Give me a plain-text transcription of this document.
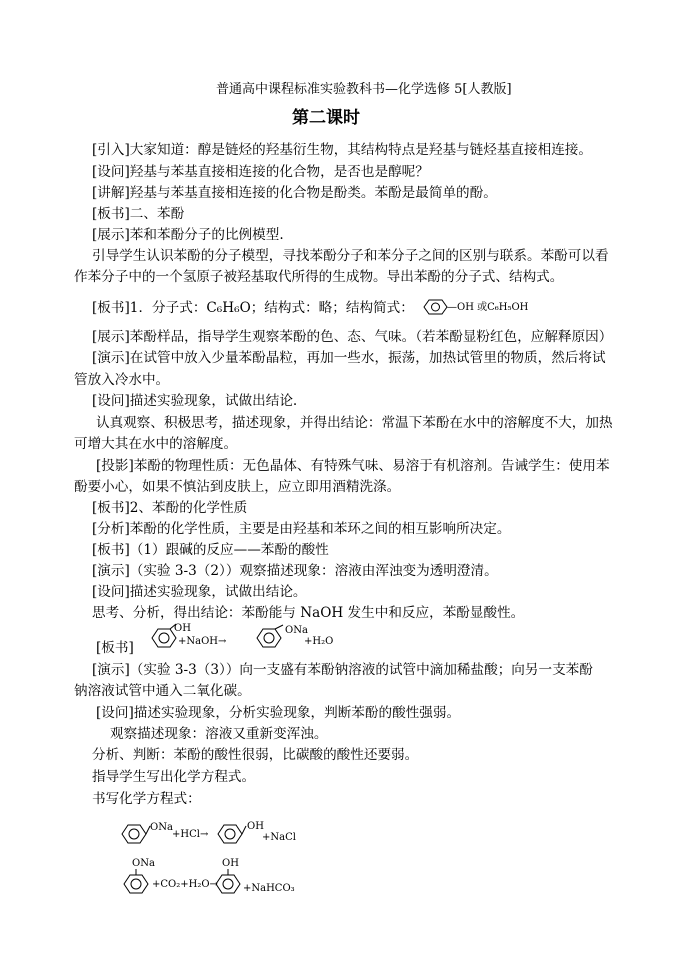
普通高中课程标准实验教科书—化学选修 5[人教版]
第二课时
[引入]大家知道：醇是链烃的羟基衍生物，其结构特点是羟基与链烃基直接相连接。
[设问]羟基与苯基直接相连接的化合物，是否也是醇呢？
[讲解]羟基与苯基直接相连接的化合物是酚类。苯酚是最简单的酚。
[板书]二、苯酚
[展示]苯和苯酚分子的比例模型.
引导学生认识苯酚的分子模型，寻找苯酚分子和苯分子之间的区别与联系。苯酚可以看
作苯分子中的一个氢原子被羟基取代所得的生成物。导出苯酚的分子式、结构式。
[板书]1．分子式：C₆H₆O；结构式：略；结构简式：	—OH 或C₆H₅OH
[展示]苯酚样品，指导学生观察苯酚的色、态、气味。（若苯酚显粉红色，应解释原因）
[演示]在试管中放入少量苯酚晶粒，再加一些水，振荡，加热试管里的物质，然后将试
管放入冷水中。
[设问]描述实验现象，试做出结论.
认真观察、积极思考，描述现象，并得出结论：常温下苯酚在水中的溶解度不大，加热
可增大其在水中的溶解度。
[投影]苯酚的物理性质：无色晶体、有特殊气味、易溶于有机溶剂。告诫学生：使用苯
酚要小心，如果不慎沾到皮肤上，应立即用酒精洗涤。
[板书]2、苯酚的化学性质
[分析]苯酚的化学性质，主要是由羟基和苯环之间的相互影响所决定。
[板书]（1）跟碱的反应——苯酚的酸性
[演示]（实验 3-3（2））观察描述现象：溶液由浑浊变为透明澄清。
[设问]描述实验现象，试做出结论。
思考、分析，得出结论：苯酚能与 NaOH 发生中和反应，苯酚显酸性。
[板书]
OH
+NaOH→
ONa
+H₂O
[演示]（实验 3-3（3））向一支盛有苯酚钠溶液的试管中滴加稀盐酸；向另一支苯酚
钠溶液试管中通入二氧化碳。
[设问]描述实验现象，分析实验现象，判断苯酚的酸性强弱。
观察描述现象：溶液又重新变浑浊。
分析、判断：苯酚的酸性很弱，比碳酸的酸性还要弱。
指导学生写出化学方程式。
书写化学方程式：
ONa
+HCl→
OH
+NaCl
ONa
+CO₂+H₂O→
OH
+NaHCO₃
